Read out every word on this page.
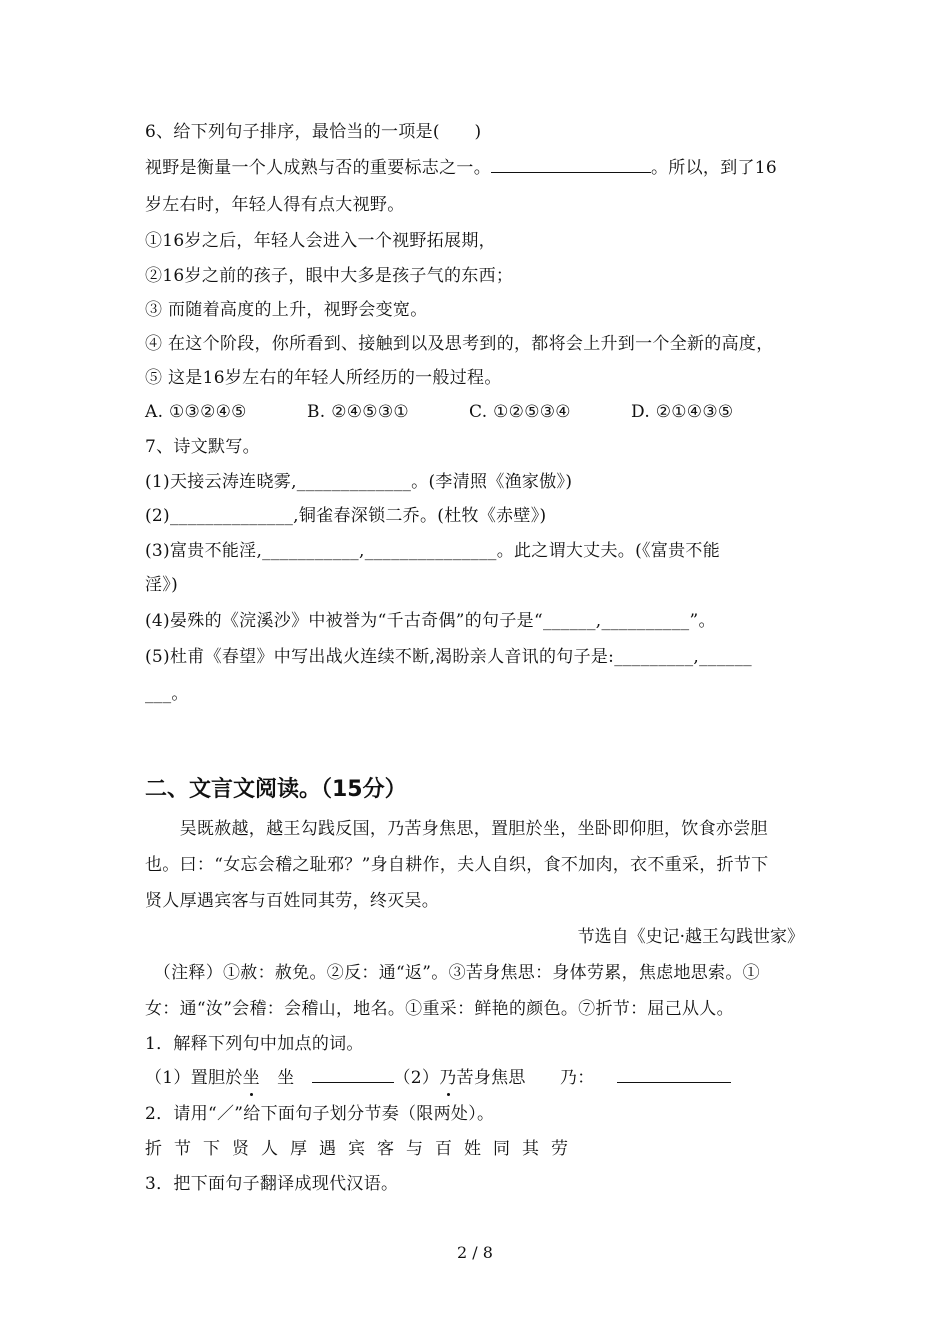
6、给下列句子排序，最恰当的一项是(　　)
视野是衡量一个人成熟与否的重要标志之一。	。所以，到了16
岁左右时，年轻人得有点大视野。
①16岁之后，年轻人会进入一个视野拓展期，
②16岁之前的孩子，眼中大多是孩子气的东西；
③ 而随着高度的上升，视野会变宽。
④ 在这个阶段，你所看到、接触到以及思考到的，都将会上升到一个全新的高度，
⑤ 这是16岁左右的年轻人所经历的一般过程。
A. ①③②④⑤	B. ②④⑤③①	C. ①②⑤③④	D. ②①④③⑤
7、诗文默写。
(1)天接云涛连晓雾,_____________。(李清照《渔家傲》)
(2)______________,铜雀春深锁二乔。(杜牧《赤壁》)
(3)富贵不能淫,___________,_______________。此之谓大丈夫。(《富贵不能
淫》)
(4)晏殊的《浣溪沙》中被誉为“千古奇偶”的句子是“______,__________”。
(5)杜甫《春望》中写出战火连续不断,渴盼亲人音讯的句子是:_________,______
___。
二、文言文阅读。（15分）
　　吴既赦越，越王勾践反国，乃苦身焦思，置胆於坐，坐卧即仰胆，饮食亦尝胆
也。曰：“女忘会稽之耻邪？”身自耕作，夫人自织，食不加肉，衣不重采，折节下
贤人厚遇宾客与百姓同其劳，终灭吴。
节选自《史记·越王勾践世家》
　（注释）①赦：赦免。②反：通“返”。③苦身焦思：身体劳累，焦虑地思索。①
女：通“汝”会稽：会稽山，地名。①重采：鲜艳的颜色。⑦折节：屈己从人。
1．解释下列句中加点的词。
（1）置胆於坐 坐	（2）乃苦身焦思 乃：
2．请用“／”给下面句子划分节奏（限两处）。
折节下贤人厚遇宾客与百姓同其劳
3．把下面句子翻译成现代汉语。
2 / 8
